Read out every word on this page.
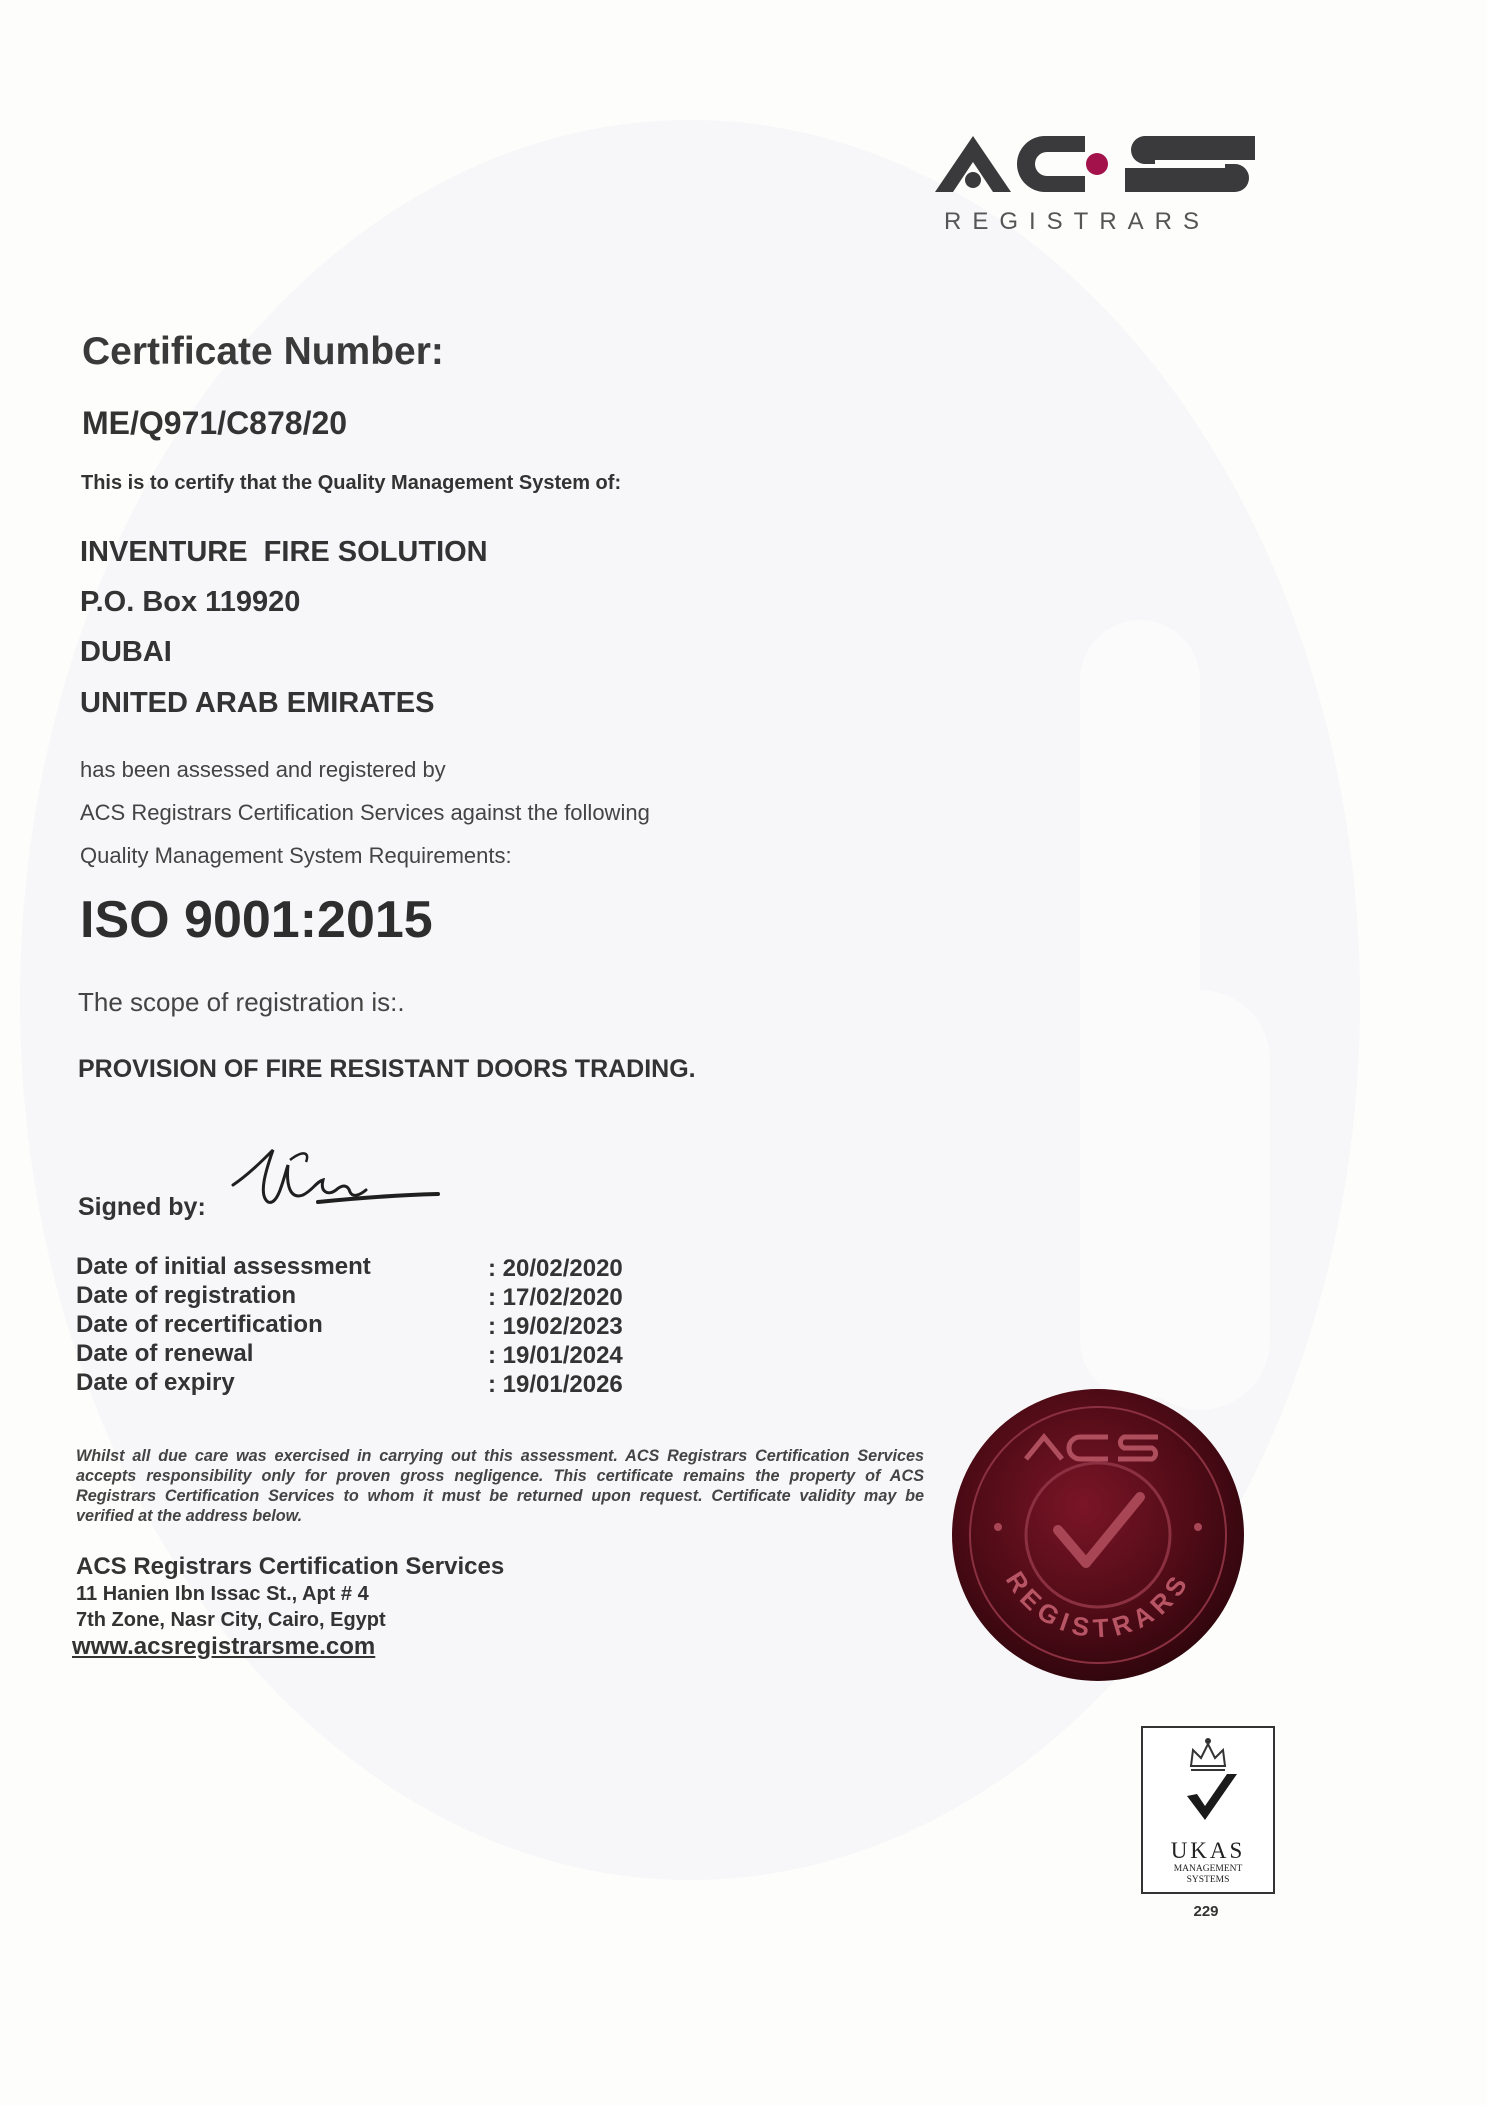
REGISTRARS
Certificate Number:
ME/Q971/C878/20
This is to certify that the Quality Management System of:
INVENTURE  FIRE SOLUTION
P.O. Box 119920
DUBAI
UNITED ARAB EMIRATES
has been assessed and registered by
ACS Registrars Certification Services against the following
Quality Management System Requirements:
ISO 9001:2015
The scope of registration is:.
PROVISION OF FIRE RESISTANT DOORS TRADING.
Signed by:
Date of initial assessment
Date of registration
Date of recertification
Date of renewal
Date of expiry
: 20/02/2020
: 17/02/2020
: 19/02/2023
: 19/01/2024
: 19/01/2026
Whilst all due care was exercised in carrying out this assessment. ACS Registrars Certification Services accepts responsibility only for proven gross negligence. This certificate remains the property of ACS Registrars Certification Services to whom it must be returned upon request. Certificate validity may be verified at the address below.
ACS Registrars Certification Services
11 Hanien Ibn Issac St., Apt # 4
7th Zone, Nasr City, Cairo, Egypt
www.acsregistrarsme.com
REGISTRARS
UKAS
MANAGEMENT
SYSTEMS
229
